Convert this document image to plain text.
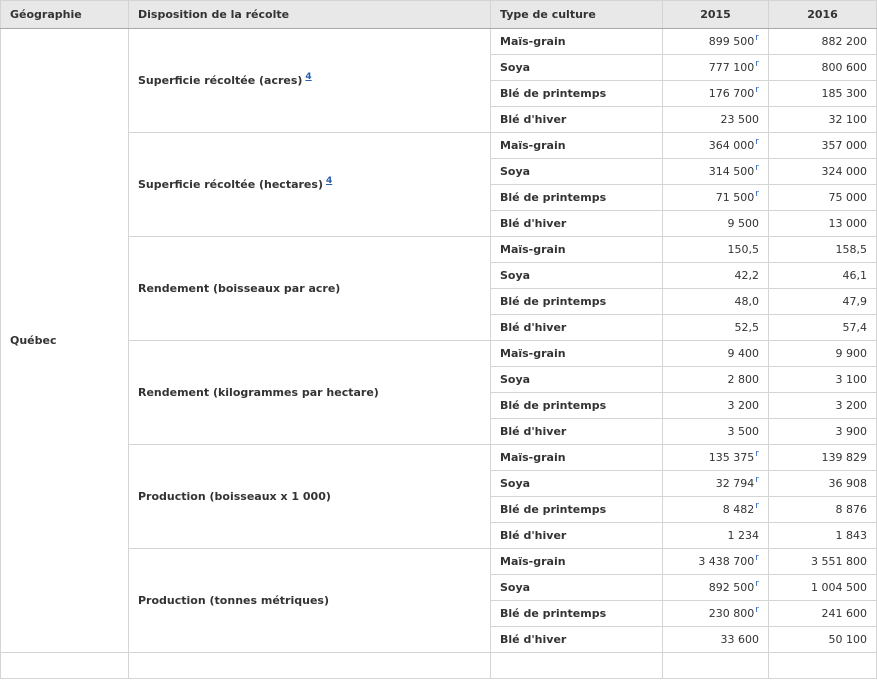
Géographie	Disposition de la récolte	Type de culture	2015	2016
Québec	Superficie récoltée (acres) $^4$	Maïs-grain	899 500$^r$	882 200
		Soya	777 100$^r$	800 600
		Blé de printemps	176 700$^r$	185 300
		Blé d'hiver	23 500	32 100
	Superficie récoltée (hectares) $^4$	Maïs-grain	364 000$^r$	357 000
		Soya	314 500$^r$	324 000
		Blé de printemps	71 500$^r$	75 000
		Blé d'hiver	9 500	13 000
	Rendement (boisseaux par acre)	Maïs-grain	150,5	158,5
		Soya	42,2	46,1
		Blé de printemps	48,0	47,9
		Blé d'hiver	52,5	57,4
	Rendement (kilogrammes par hectare)	Maïs-grain	9 400	9 900
		Soya	2 800	3 100
		Blé de printemps	3 200	3 200
		Blé d'hiver	3 500	3 900
	Production (boisseaux x 1 000)	Maïs-grain	135 375$^r$	139 829
		Soya	32 794$^r$	36 908
		Blé de printemps	8 482$^r$	8 876
		Blé d'hiver	1 234	1 843
	Production (tonnes métriques)	Maïs-grain	3 438 700$^r$	3 551 800
		Soya	892 500$^r$	1 004 500
		Blé de printemps	230 800$^r$	241 600
		Blé d'hiver	33 600	50 100
